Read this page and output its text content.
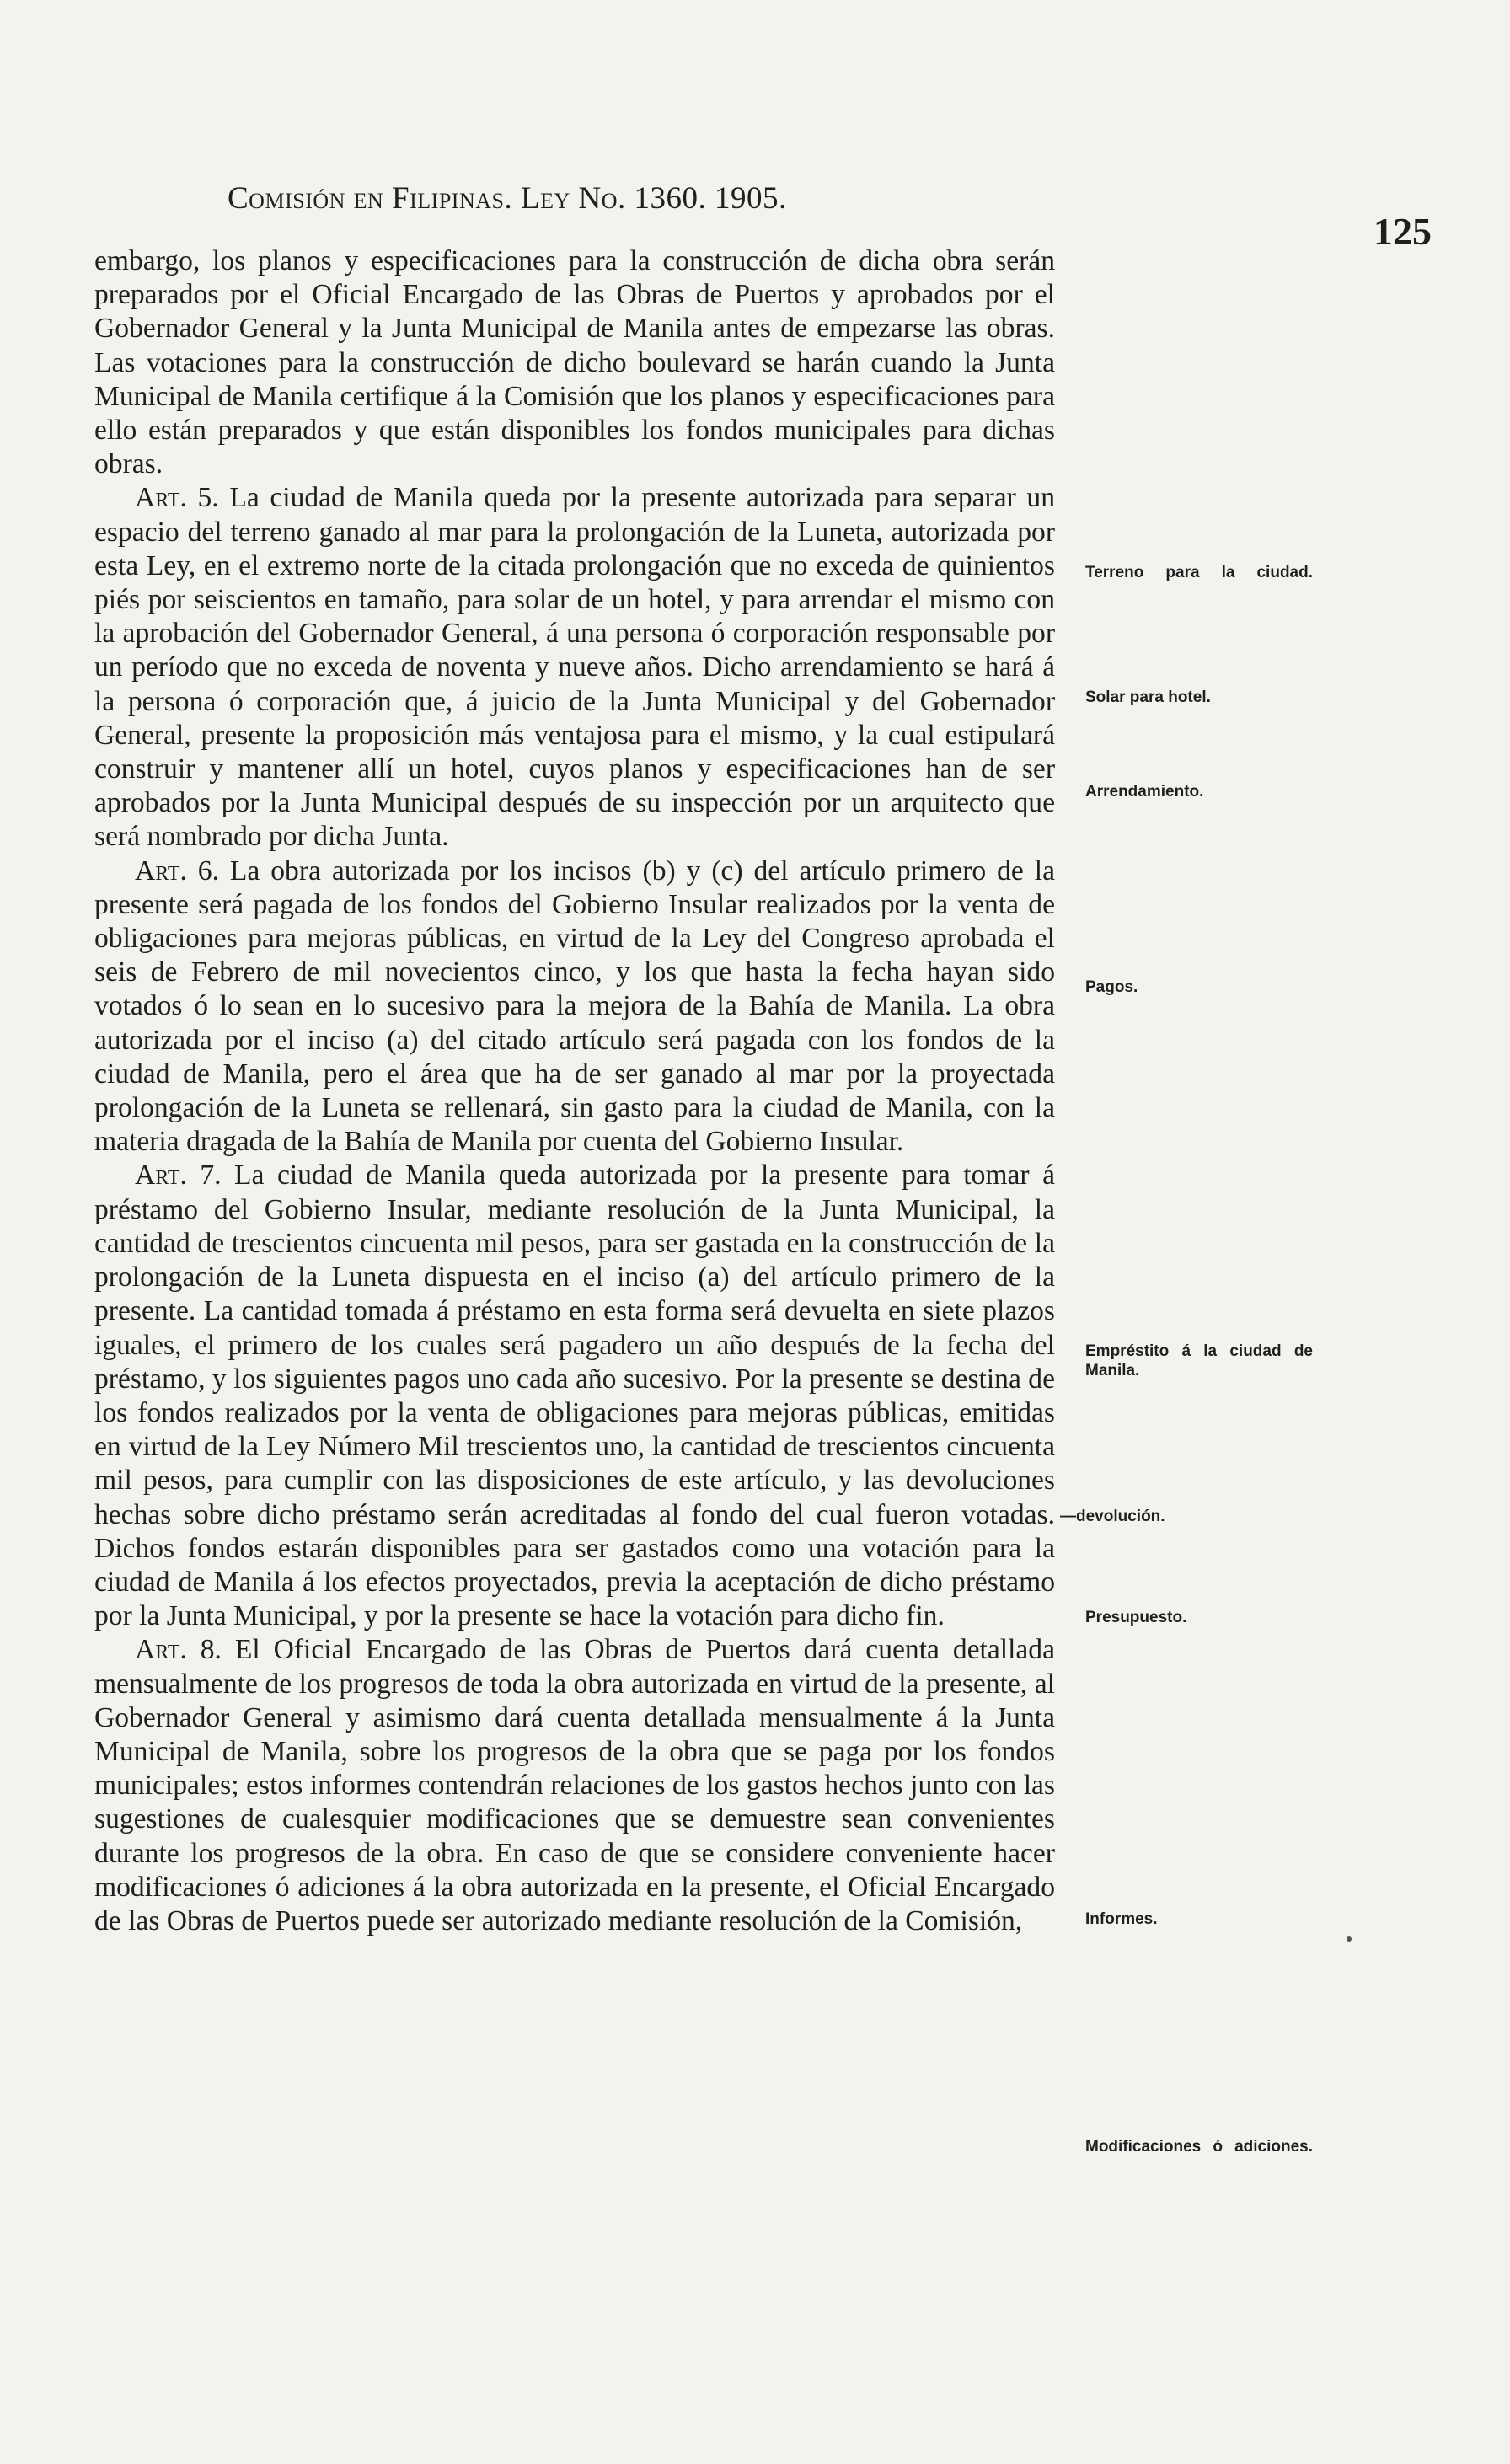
Comisión en Filipinas. Ley No. 1360. 1905.
125

embargo, los planos y especificaciones para la construcción de dicha obra serán preparados por el Oficial Encargado de las Obras de Puertos y aprobados por el Gobernador General y la Junta Municipal de Manila antes de empezarse las obras. Las votaciones para la construcción de dicho boulevard se harán cuando la Junta Municipal de Manila certifique á la Comisión que los planos y especificaciones para ello están preparados y que están disponibles los fondos municipales para dichas obras.

Art. 5. La ciudad de Manila queda por la presente autorizada para separar un espacio del terreno ganado al mar para la prolongación de la Luneta, autorizada por esta Ley, en el extremo norte de la citada prolongación que no exceda de quinientos piés por seiscientos en tamaño, para solar de un hotel, y para arrendar el mismo con la aprobación del Gobernador General, á una persona ó corporación responsable por un período que no exceda de noventa y nueve años. Dicho arrendamiento se hará á la persona ó corporación que, á juicio de la Junta Municipal y del Gobernador General, presente la proposición más ventajosa para el mismo, y la cual estipulará construir y mantener allí un hotel, cuyos planos y especificaciones han de ser aprobados por la Junta Municipal después de su inspección por un arquitecto que será nombrado por dicha Junta.

Art. 6. La obra autorizada por los incisos (b) y (c) del artículo primero de la presente será pagada de los fondos del Gobierno Insular realizados por la venta de obligaciones para mejoras públicas, en virtud de la Ley del Congreso aprobada el seis de Febrero de mil novecientos cinco, y los que hasta la fecha hayan sido votados ó lo sean en lo sucesivo para la mejora de la Bahía de Manila. La obra autorizada por el inciso (a) del citado artículo será pagada con los fondos de la ciudad de Manila, pero el área que ha de ser ganado al mar por la proyectada prolongación de la Luneta se rellenará, sin gasto para la ciudad de Manila, con la materia dragada de la Bahía de Manila por cuenta del Gobierno Insular.

Art. 7. La ciudad de Manila queda autorizada por la presente para tomar á préstamo del Gobierno Insular, mediante resolución de la Junta Municipal, la cantidad de trescientos cincuenta mil pesos, para ser gastada en la construcción de la prolongación de la Luneta dispuesta en el inciso (a) del artículo primero de la presente. La cantidad tomada á préstamo en esta forma será devuelta en siete plazos iguales, el primero de los cuales será pagadero un año después de la fecha del préstamo, y los siguientes pagos uno cada año sucesivo. Por la presente se destina de los fondos realizados por la venta de obligaciones para mejoras públicas, emitidas en virtud de la Ley Número Mil trescientos uno, la cantidad de trescientos cincuenta mil pesos, para cumplir con las disposiciones de este artículo, y las devoluciones hechas sobre dicho préstamo serán acreditadas al fondo del cual fueron votadas. Dichos fondos estarán disponibles para ser gastados como una votación para la ciudad de Manila á los efectos proyectados, previa la aceptación de dicho préstamo por la Junta Municipal, y por la presente se hace la votación para dicho fin.

Art. 8. El Oficial Encargado de las Obras de Puertos dará cuenta detallada mensualmente de los progresos de toda la obra autorizada en virtud de la presente, al Gobernador General y asimismo dará cuenta detallada mensualmente á la Junta Municipal de Manila, sobre los progresos de la obra que se paga por los fondos municipales; estos informes contendrán relaciones de los gastos hechos junto con las sugestiones de cualesquier modificaciones que se demuestre sean convenientes durante los progresos de la obra. En caso de que se considere conveniente hacer modificaciones ó adiciones á la obra autorizada en la presente, el Oficial Encargado de las Obras de Puertos puede ser autorizado mediante resolución de la Comisión,

Terreno para la ciudad.
Solar para hotel.
Arrendamiento.
Pagos.
Empréstito á la ciudad de Manila.
—devolución.
Presupuesto.
Informes.
Modificaciones ó adiciones.
